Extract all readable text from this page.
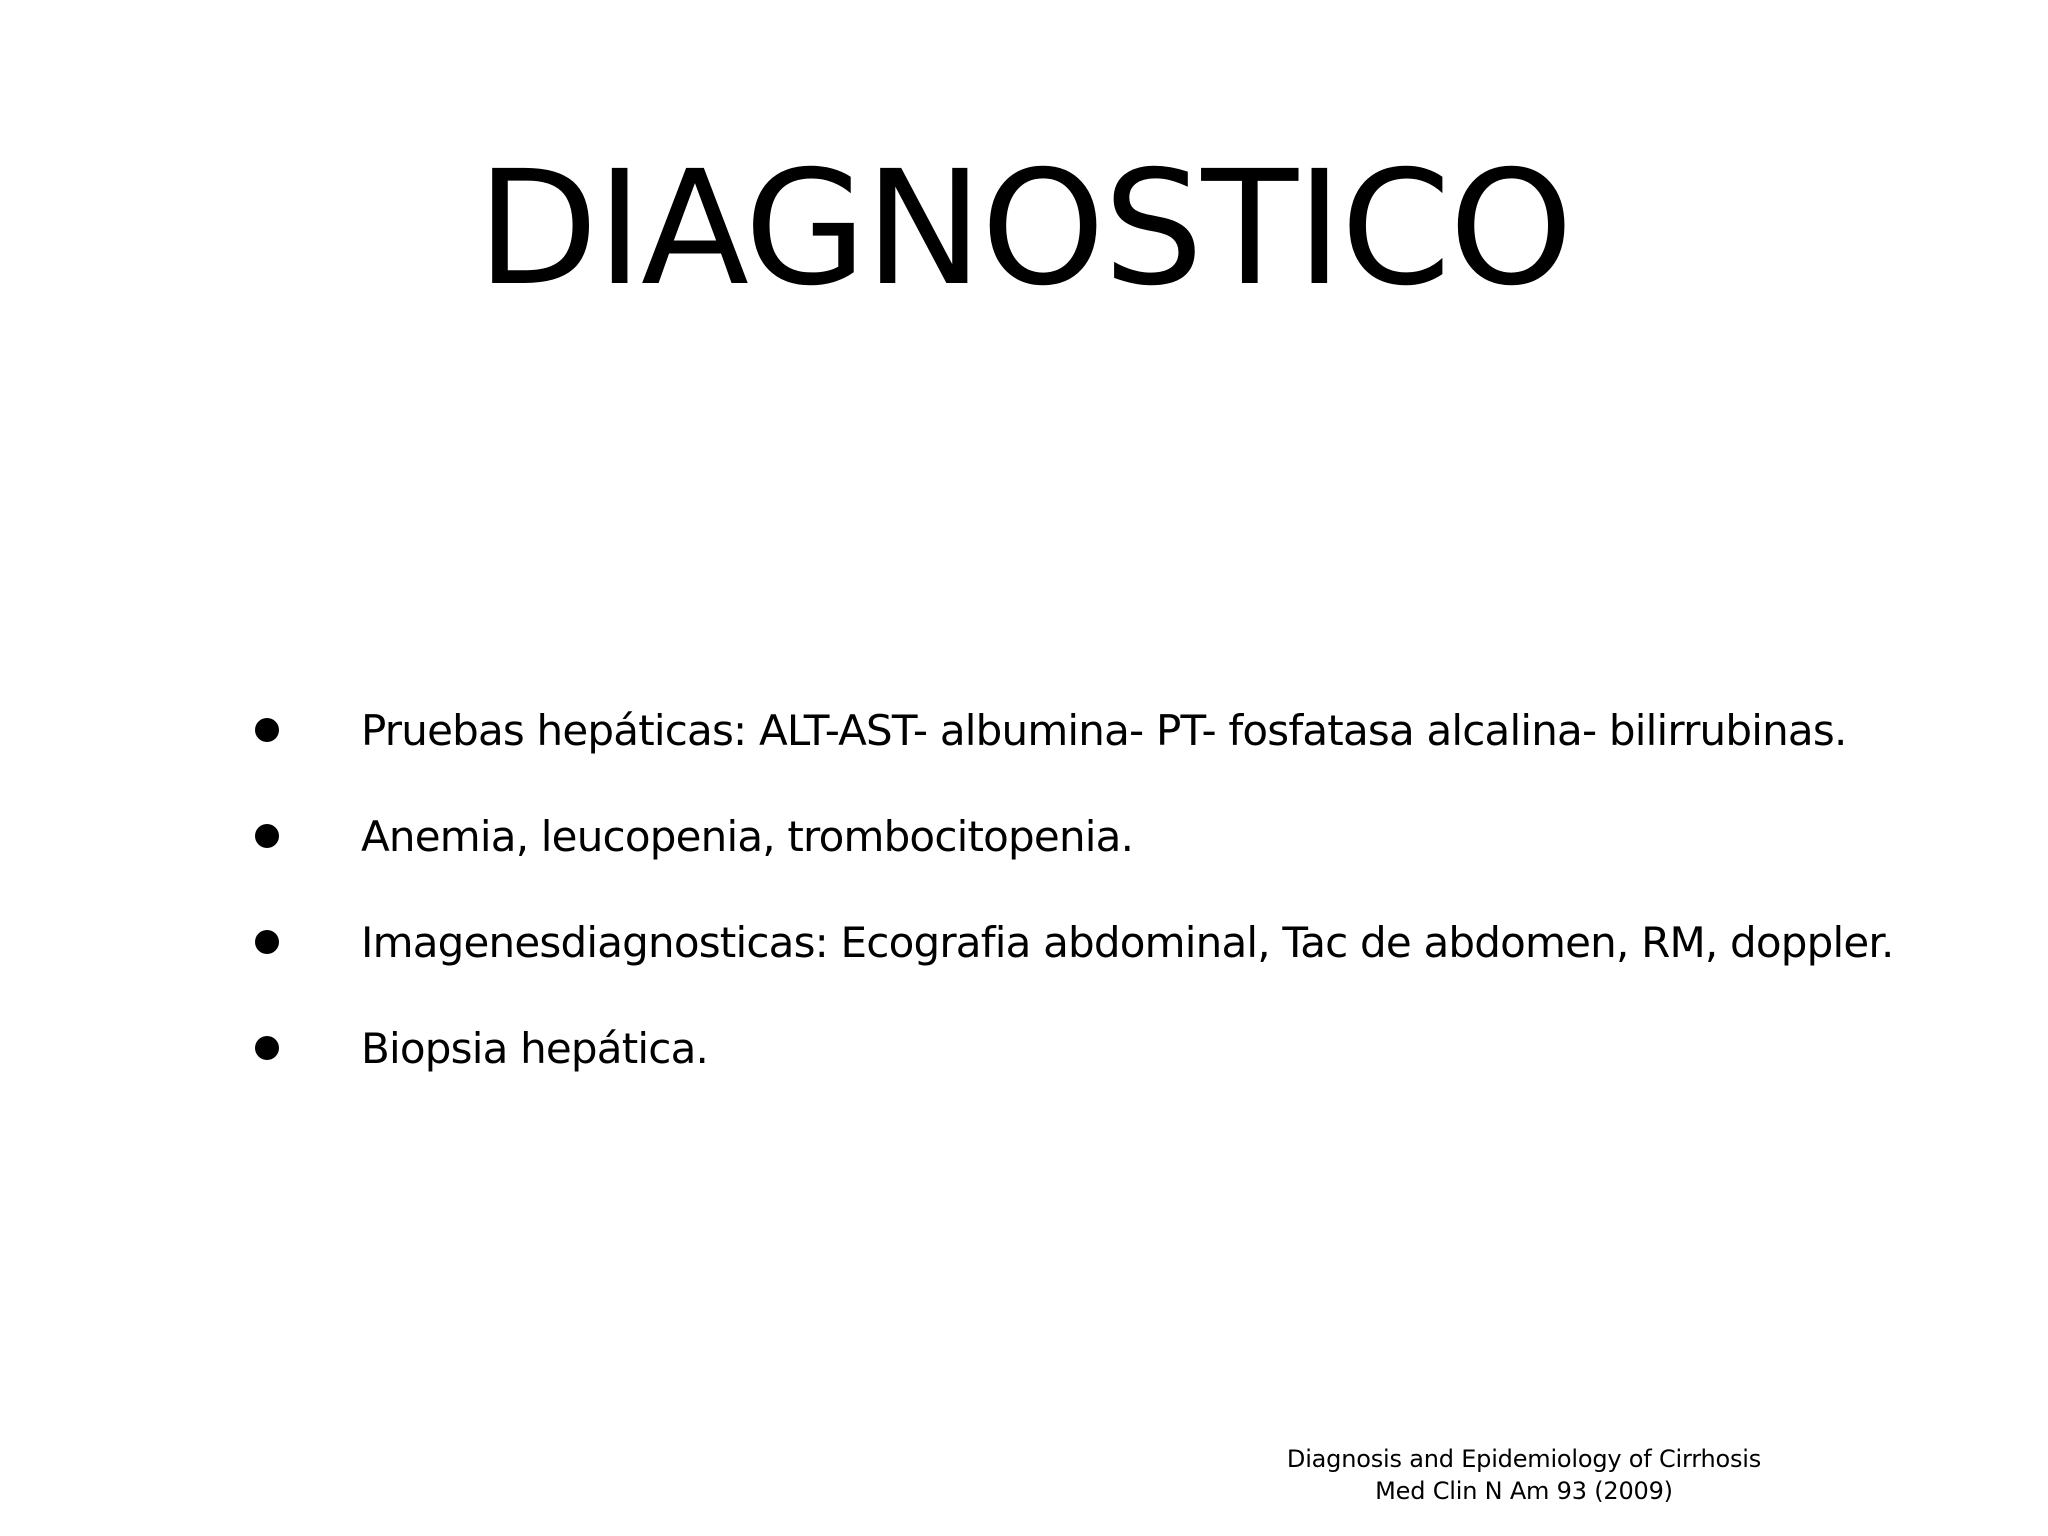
DIAGNOSTICO
Pruebas hepáticas: ALT-AST- albumina- PT- fosfatasa alcalina- bilirrubinas.
Anemia, leucopenia, trombocitopenia.
Imagenesdiagnosticas: Ecografia abdominal, Tac de abdomen, RM, doppler.
Biopsia hepática.
Diagnosis and Epidemiology of Cirrhosis
Med Clin N Am 93 (2009)
